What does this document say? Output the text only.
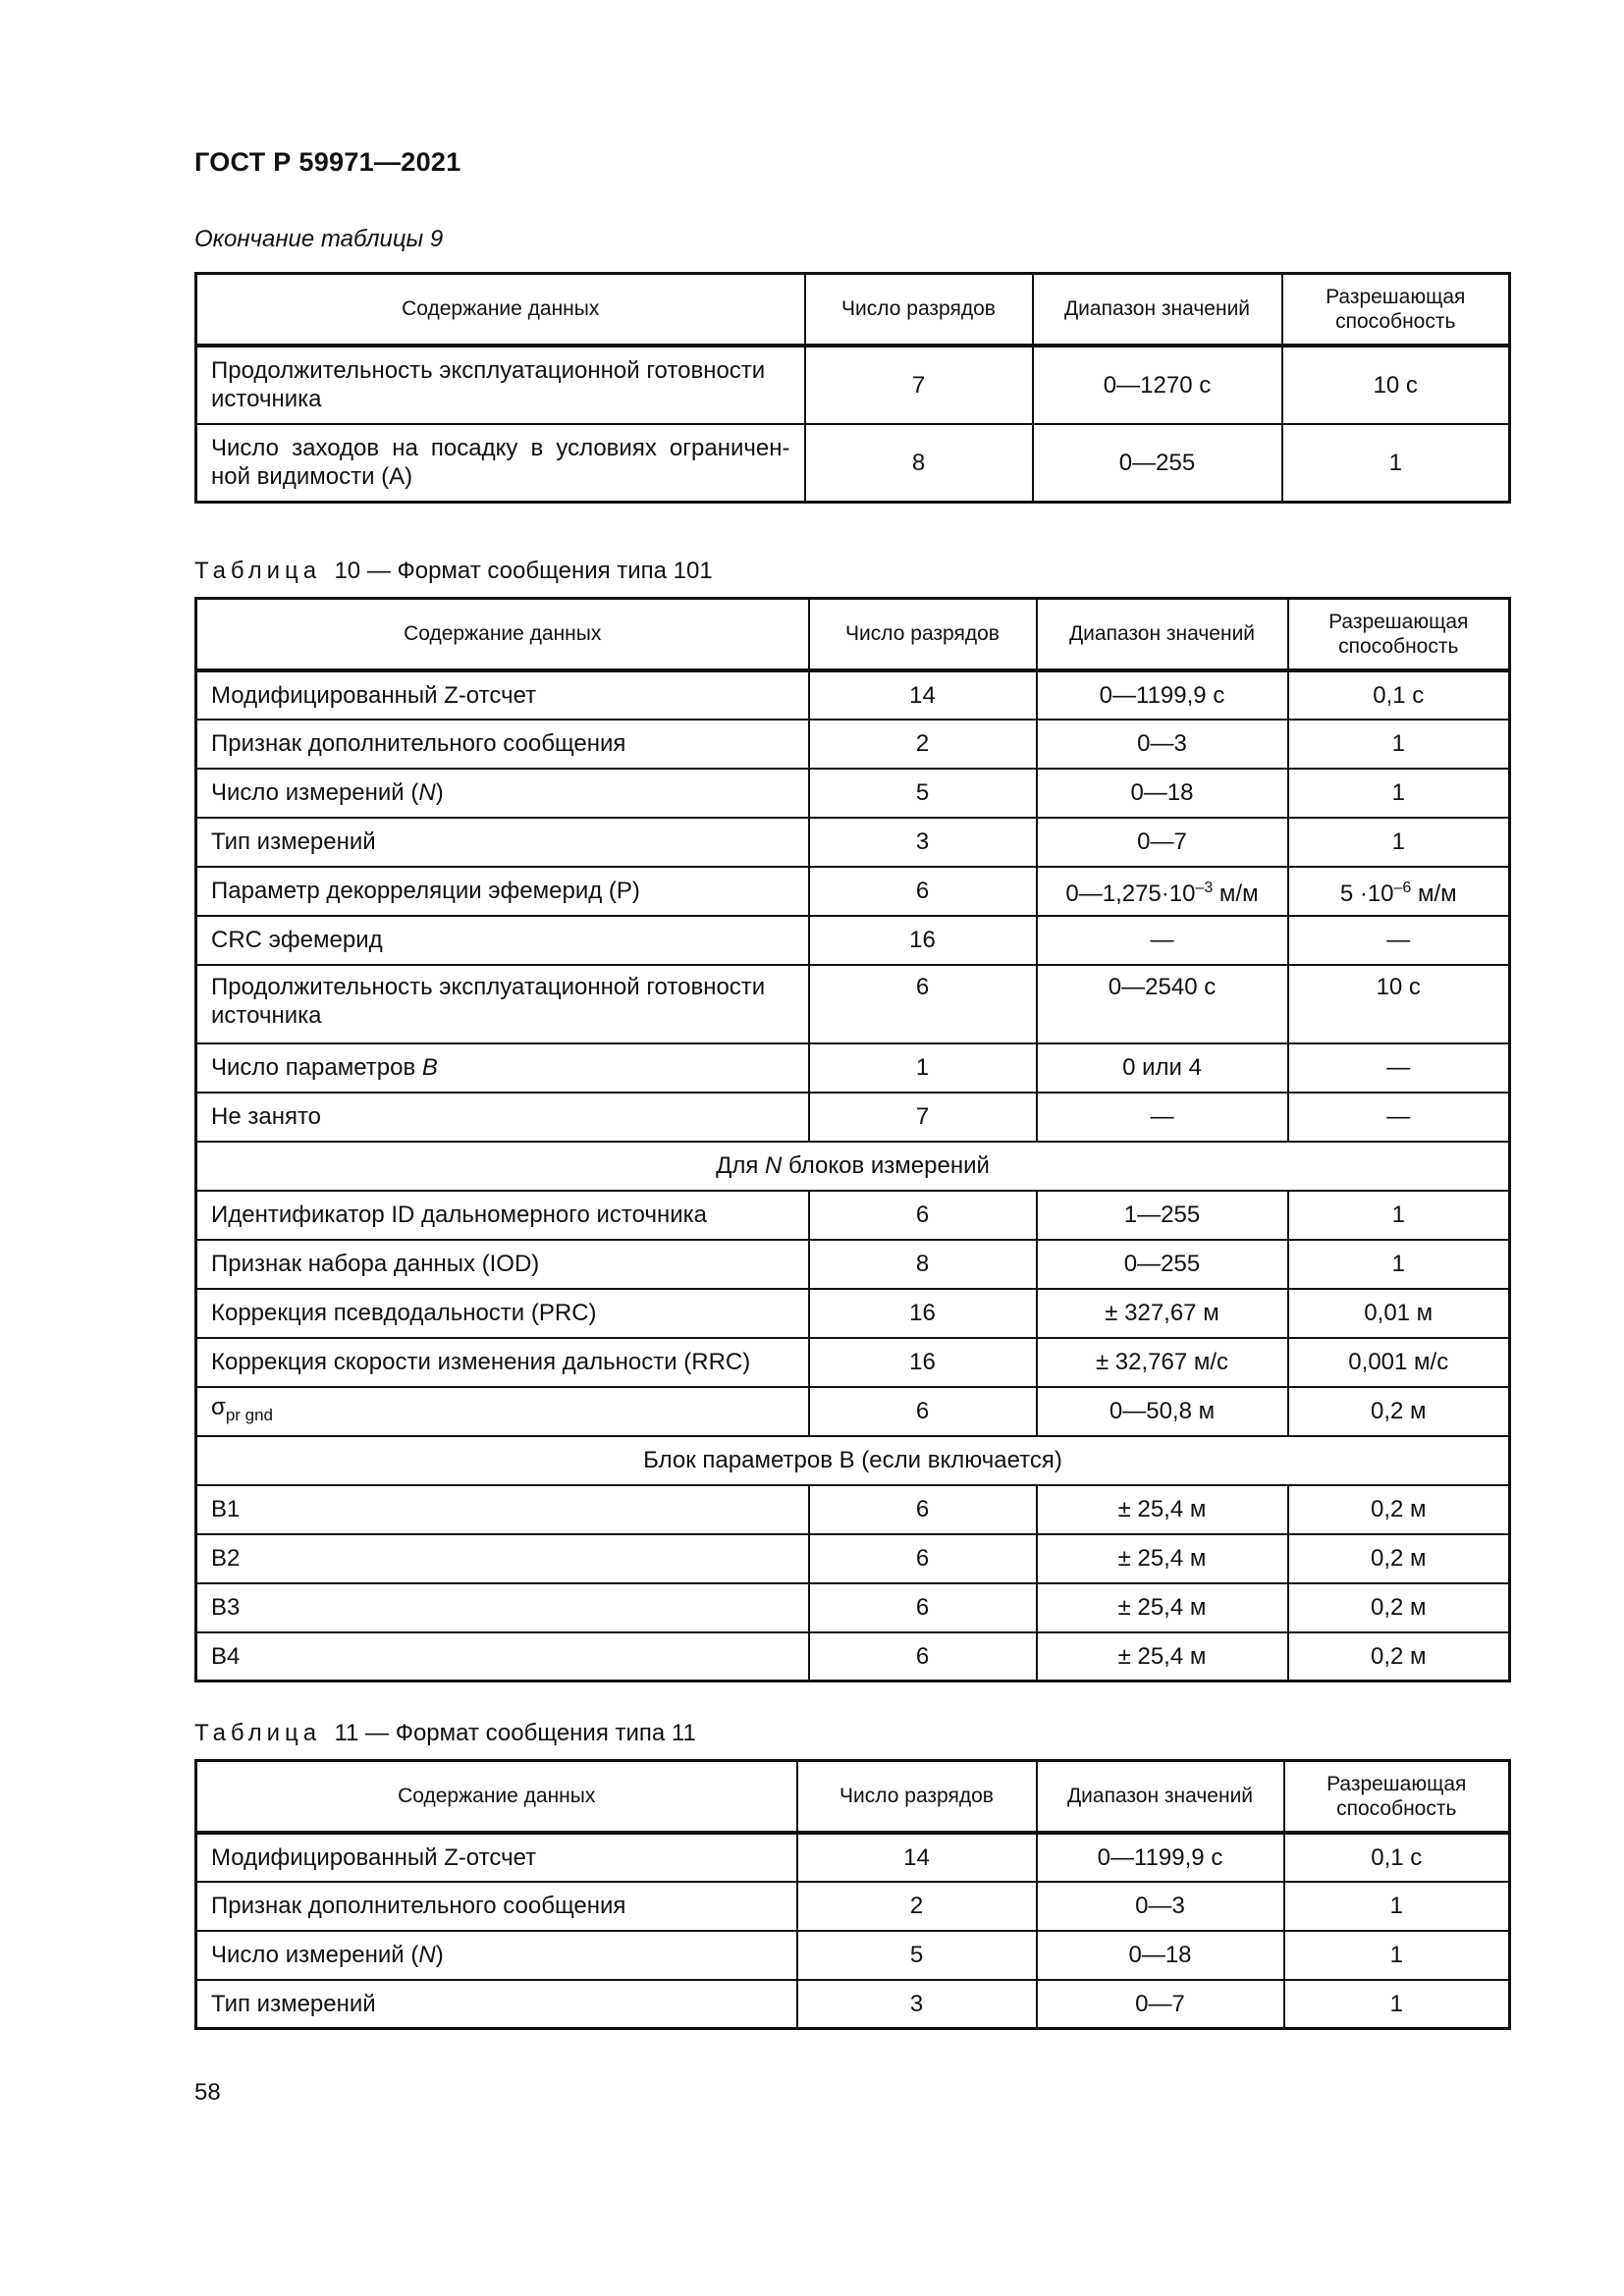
ГОСТ Р 59971—2021
Окончание таблицы 9
Содержание данных	Число разрядов	Диапазон значений	Разрешающая способность
Продолжительность эксплуатационной готовности источника	7	0—1270 с	10 с
Число заходов на посадку в условиях ограничен-ной видимости (А)	8	0—255	1
Таблица 10 — Формат сообщения типа 101
Содержание данных	Число разрядов	Диапазон значений	Разрешающая способность
Модифицированный Z-отсчет	14	0—1199,9 с	0,1 с
Признак дополнительного сообщения	2	0—3	1
Число измерений (N)	5	0—18	1
Тип измерений	3	0—7	1
Параметр декорреляции эфемерид (Р)	6	$0—1,275\cdot 10^{-3}$ м/м	$5 \cdot 10^{-6}$ м/м
CRC эфемерид	16	—	—
Продолжительность эксплуатационной готовности источника	6	0—2540 с	10 с
Число параметров B	1	0 или 4	—
Не занято	7	—	—
Для N блоков измерений			
Идентификатор ID дальномерного источника	6	1—255	1
Признак набора данных (IOD)	8	0—255	1
Коррекция псевдодальности (PRC)	16	± 327,67 м	0,01 м
Коррекция скорости изменения дальности (RRC)	16	± 32,767 м/с	0,001 м/с
$\sigma_{pr gnd}$	6	0—50,8 м	0,2 м
Блок параметров В (если включается)			
B1	6	± 25,4 м	0,2 м
B2	6	± 25,4 м	0,2 м
B3	6	± 25,4 м	0,2 м
B4	6	± 25,4 м	0,2 м
Таблица 11 — Формат сообщения типа 11
Содержание данных	Число разрядов	Диапазон значений	Разрешающая способность
Модифицированный Z-отсчет	14	0—1199,9 с	0,1 с
Признак дополнительного сообщения	2	0—3	1
Число измерений (N)	5	0—18	1
Тип измерений	3	0—7	1
58
